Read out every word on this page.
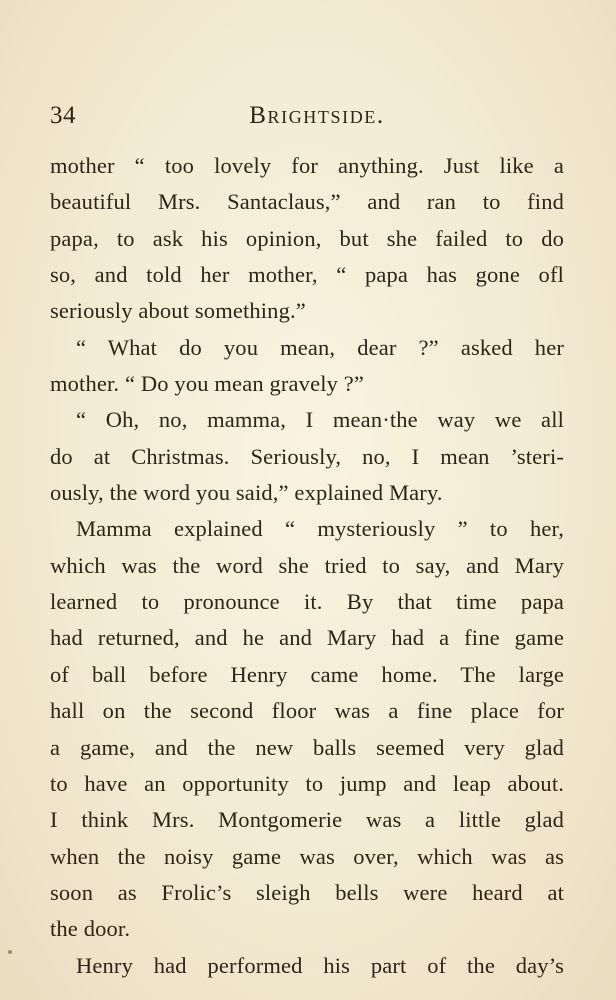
34	Brightside.
mother “ too lovely for anything. Just like a
beautiful Mrs. Santaclaus,” and ran to find
papa, to ask his opinion, but she failed to do
so, and told her mother, “ papa has gone ofl
seriously about something.”
“ What do you mean, dear ?” asked her
mother. “ Do you mean gravely ?”
“ Oh, no, mamma, I mean·the way we all
do at Christmas. Seriously, no, I mean ’steri-
ously, the word you said,” explained Mary.
Mamma explained “ mysteriously ” to her,
which was the word she tried to say, and Mary
learned to pronounce it. By that time papa
had returned, and he and Mary had a fine game
of ball before Henry came home. The large
hall on the second floor was a fine place for
a game, and the new balls seemed very glad
to have an opportunity to jump and leap about.
I think Mrs. Montgomerie was a little glad
when the noisy game was over, which was as
soon as Frolic’s sleigh bells were heard at
the door.
Henry had performed his part of the day’s
